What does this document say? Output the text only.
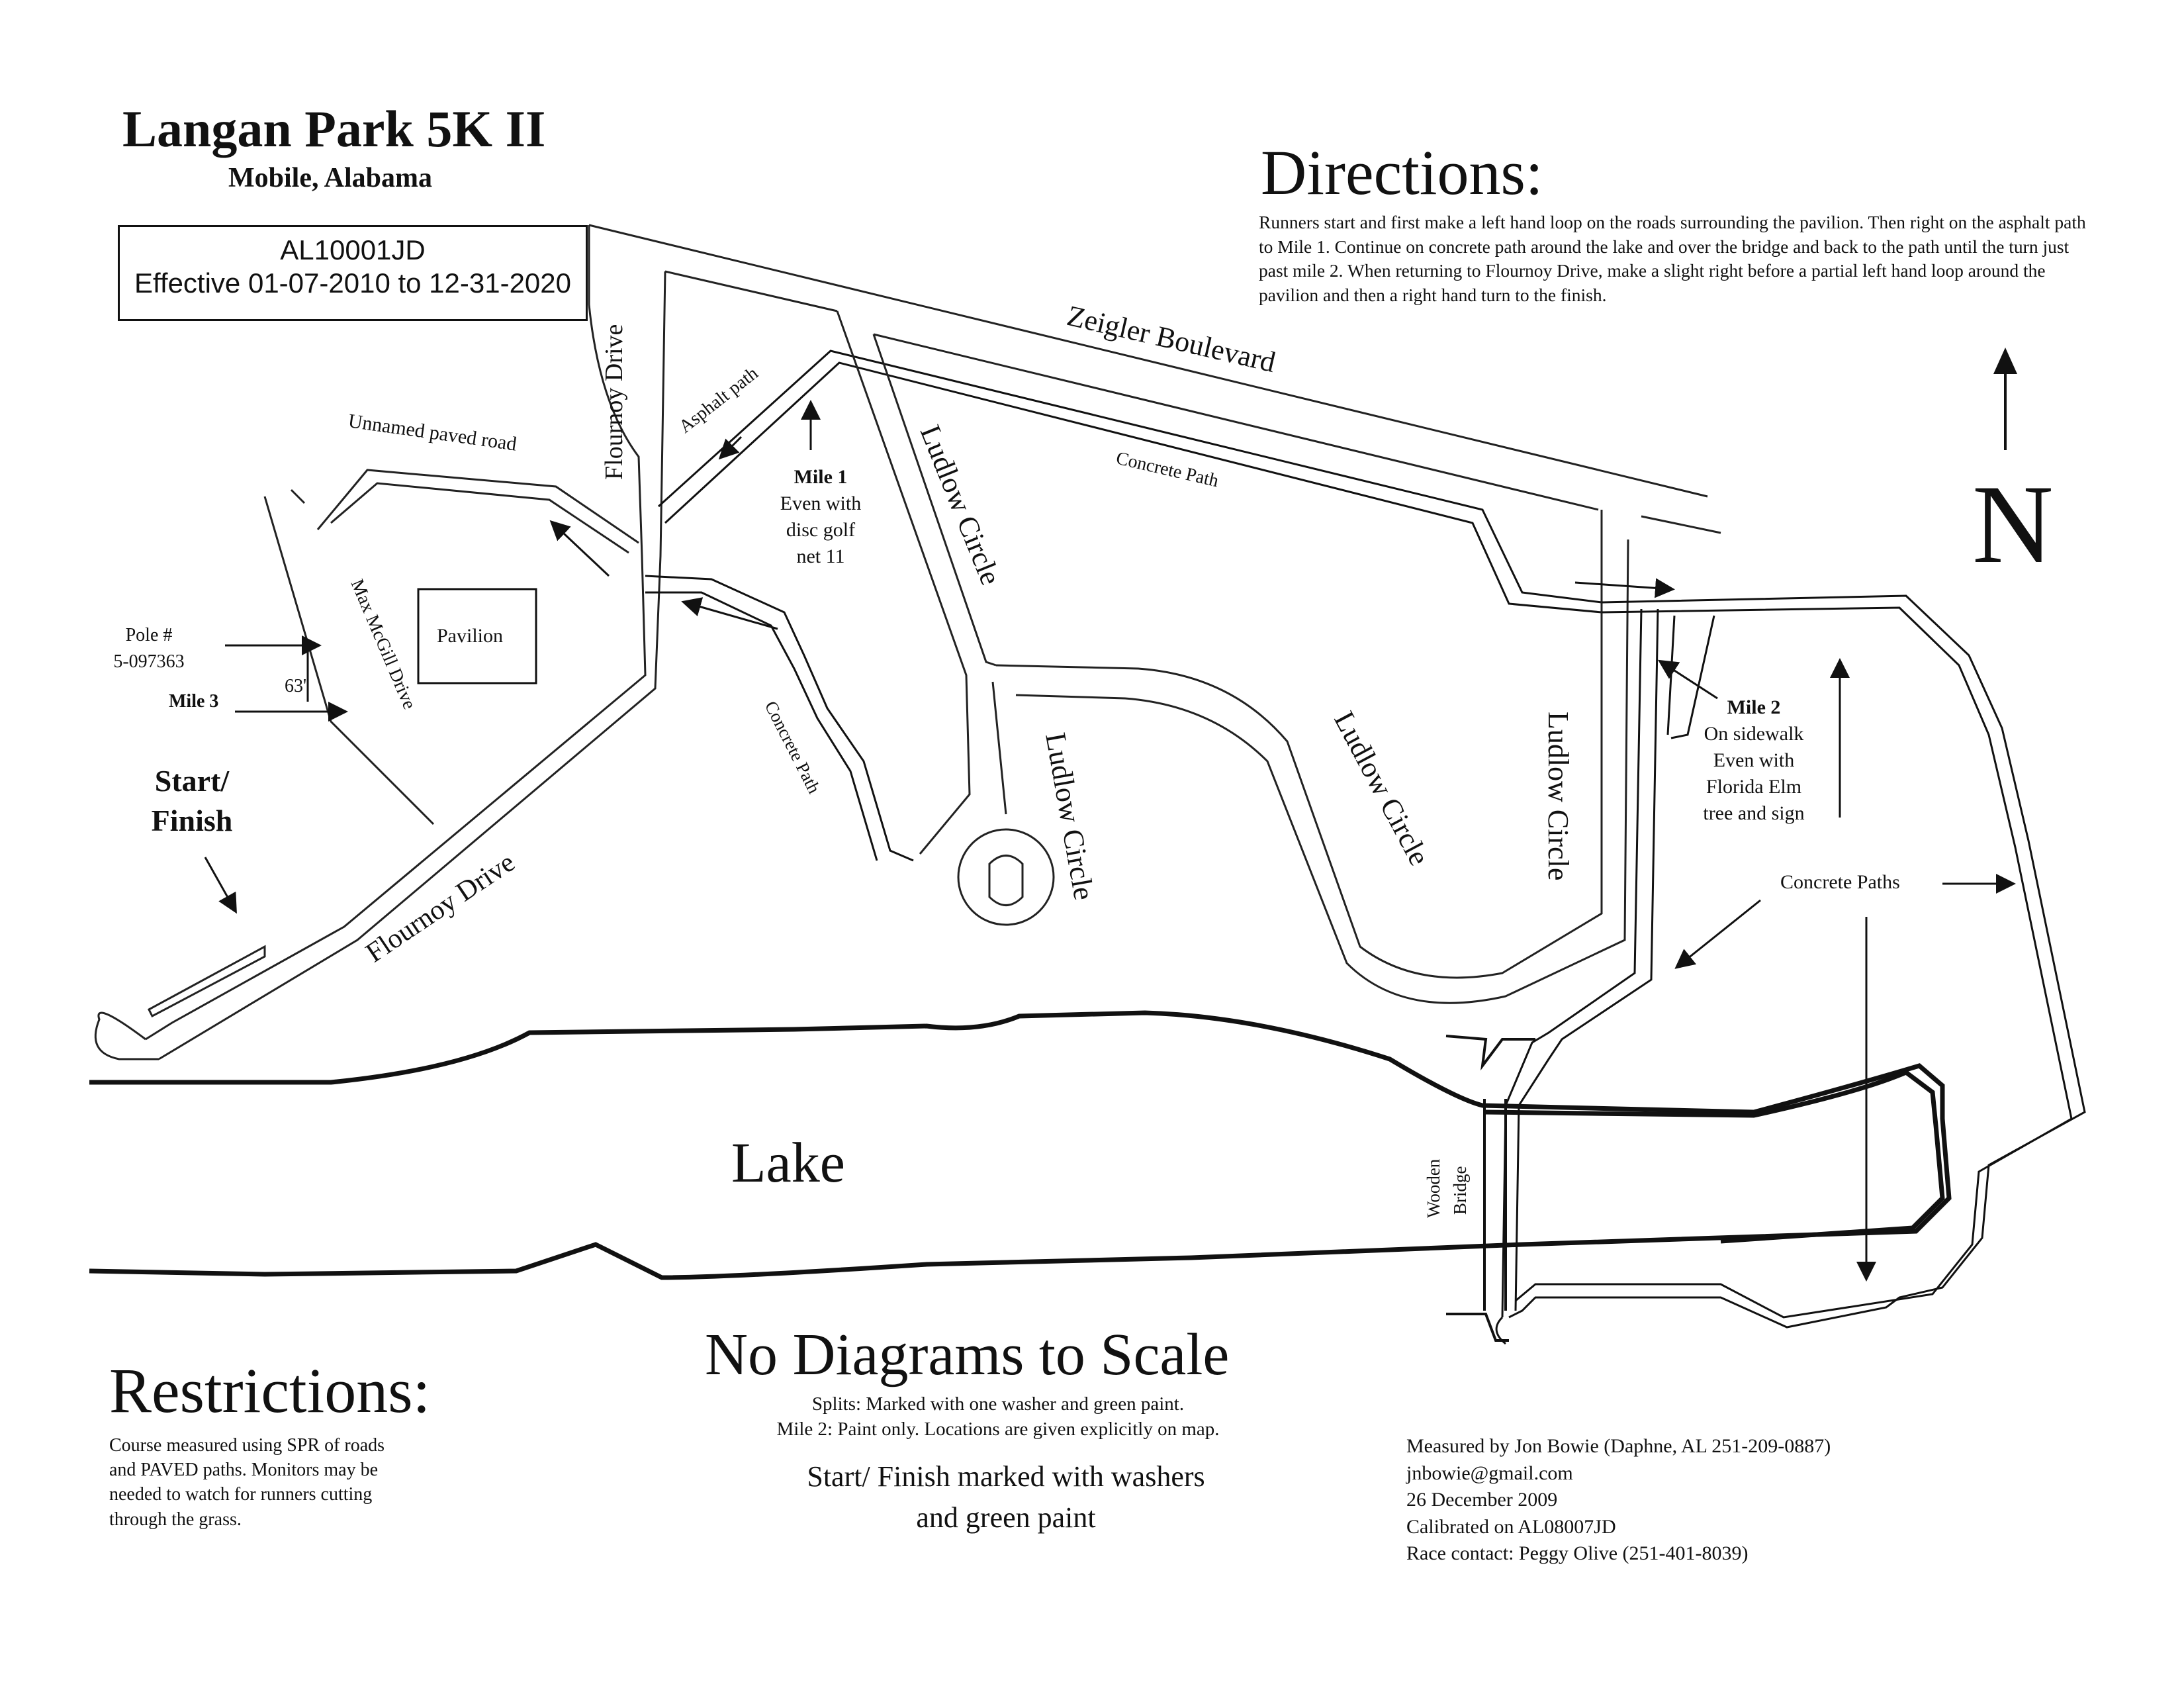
Zeigler Boulevard
Flournoy Drive
Flournoy Drive
Unnamed paved road	Asphalt path
Max McGill Drive Pavilion
Concrete Path
Concrete Path
Ludlow Circle
Ludlow Circle	Ludlow Circle	Ludlow Circle
Concrete Paths
Lake	Wooden Bridge
Mile 1
Even with
disc golf
net 11
Mile 2
On sidewalk
Even with
Florida Elm
tree and sign
Pole #
5-097363
63'
Mile 3
Start/
Finish
Langan Park 5K II
Mobile, Alabama
AL10001JD
Effective 01-07-2010 to 12-31-2020
Directions:
Runners start and first make a left hand loop on the roads surrounding the pavilion. Then right on the asphalt path to Mile 1. Continue on concrete path around the lake and over the bridge and back to the path until the turn just past mile 2. When returning to Flournoy Drive, make a slight right before a partial left hand loop around the pavilion and then a right hand turn to the finish.
N
Restrictions:
Course measured using SPR of roads and PAVED paths. Monitors may be needed to watch for runners cutting through the grass.
No Diagrams to Scale
Splits: Marked with one washer and green paint.
Mile 2: Paint only. Locations are given explicitly on map.
Start/ Finish marked with washers and green paint
Measured by Jon Bowie (Daphne, AL 251-209-0887)
jnbowie@gmail.com
26 December 2009
Calibrated on AL08007JD
Race contact: Peggy Olive (251-401-8039)
